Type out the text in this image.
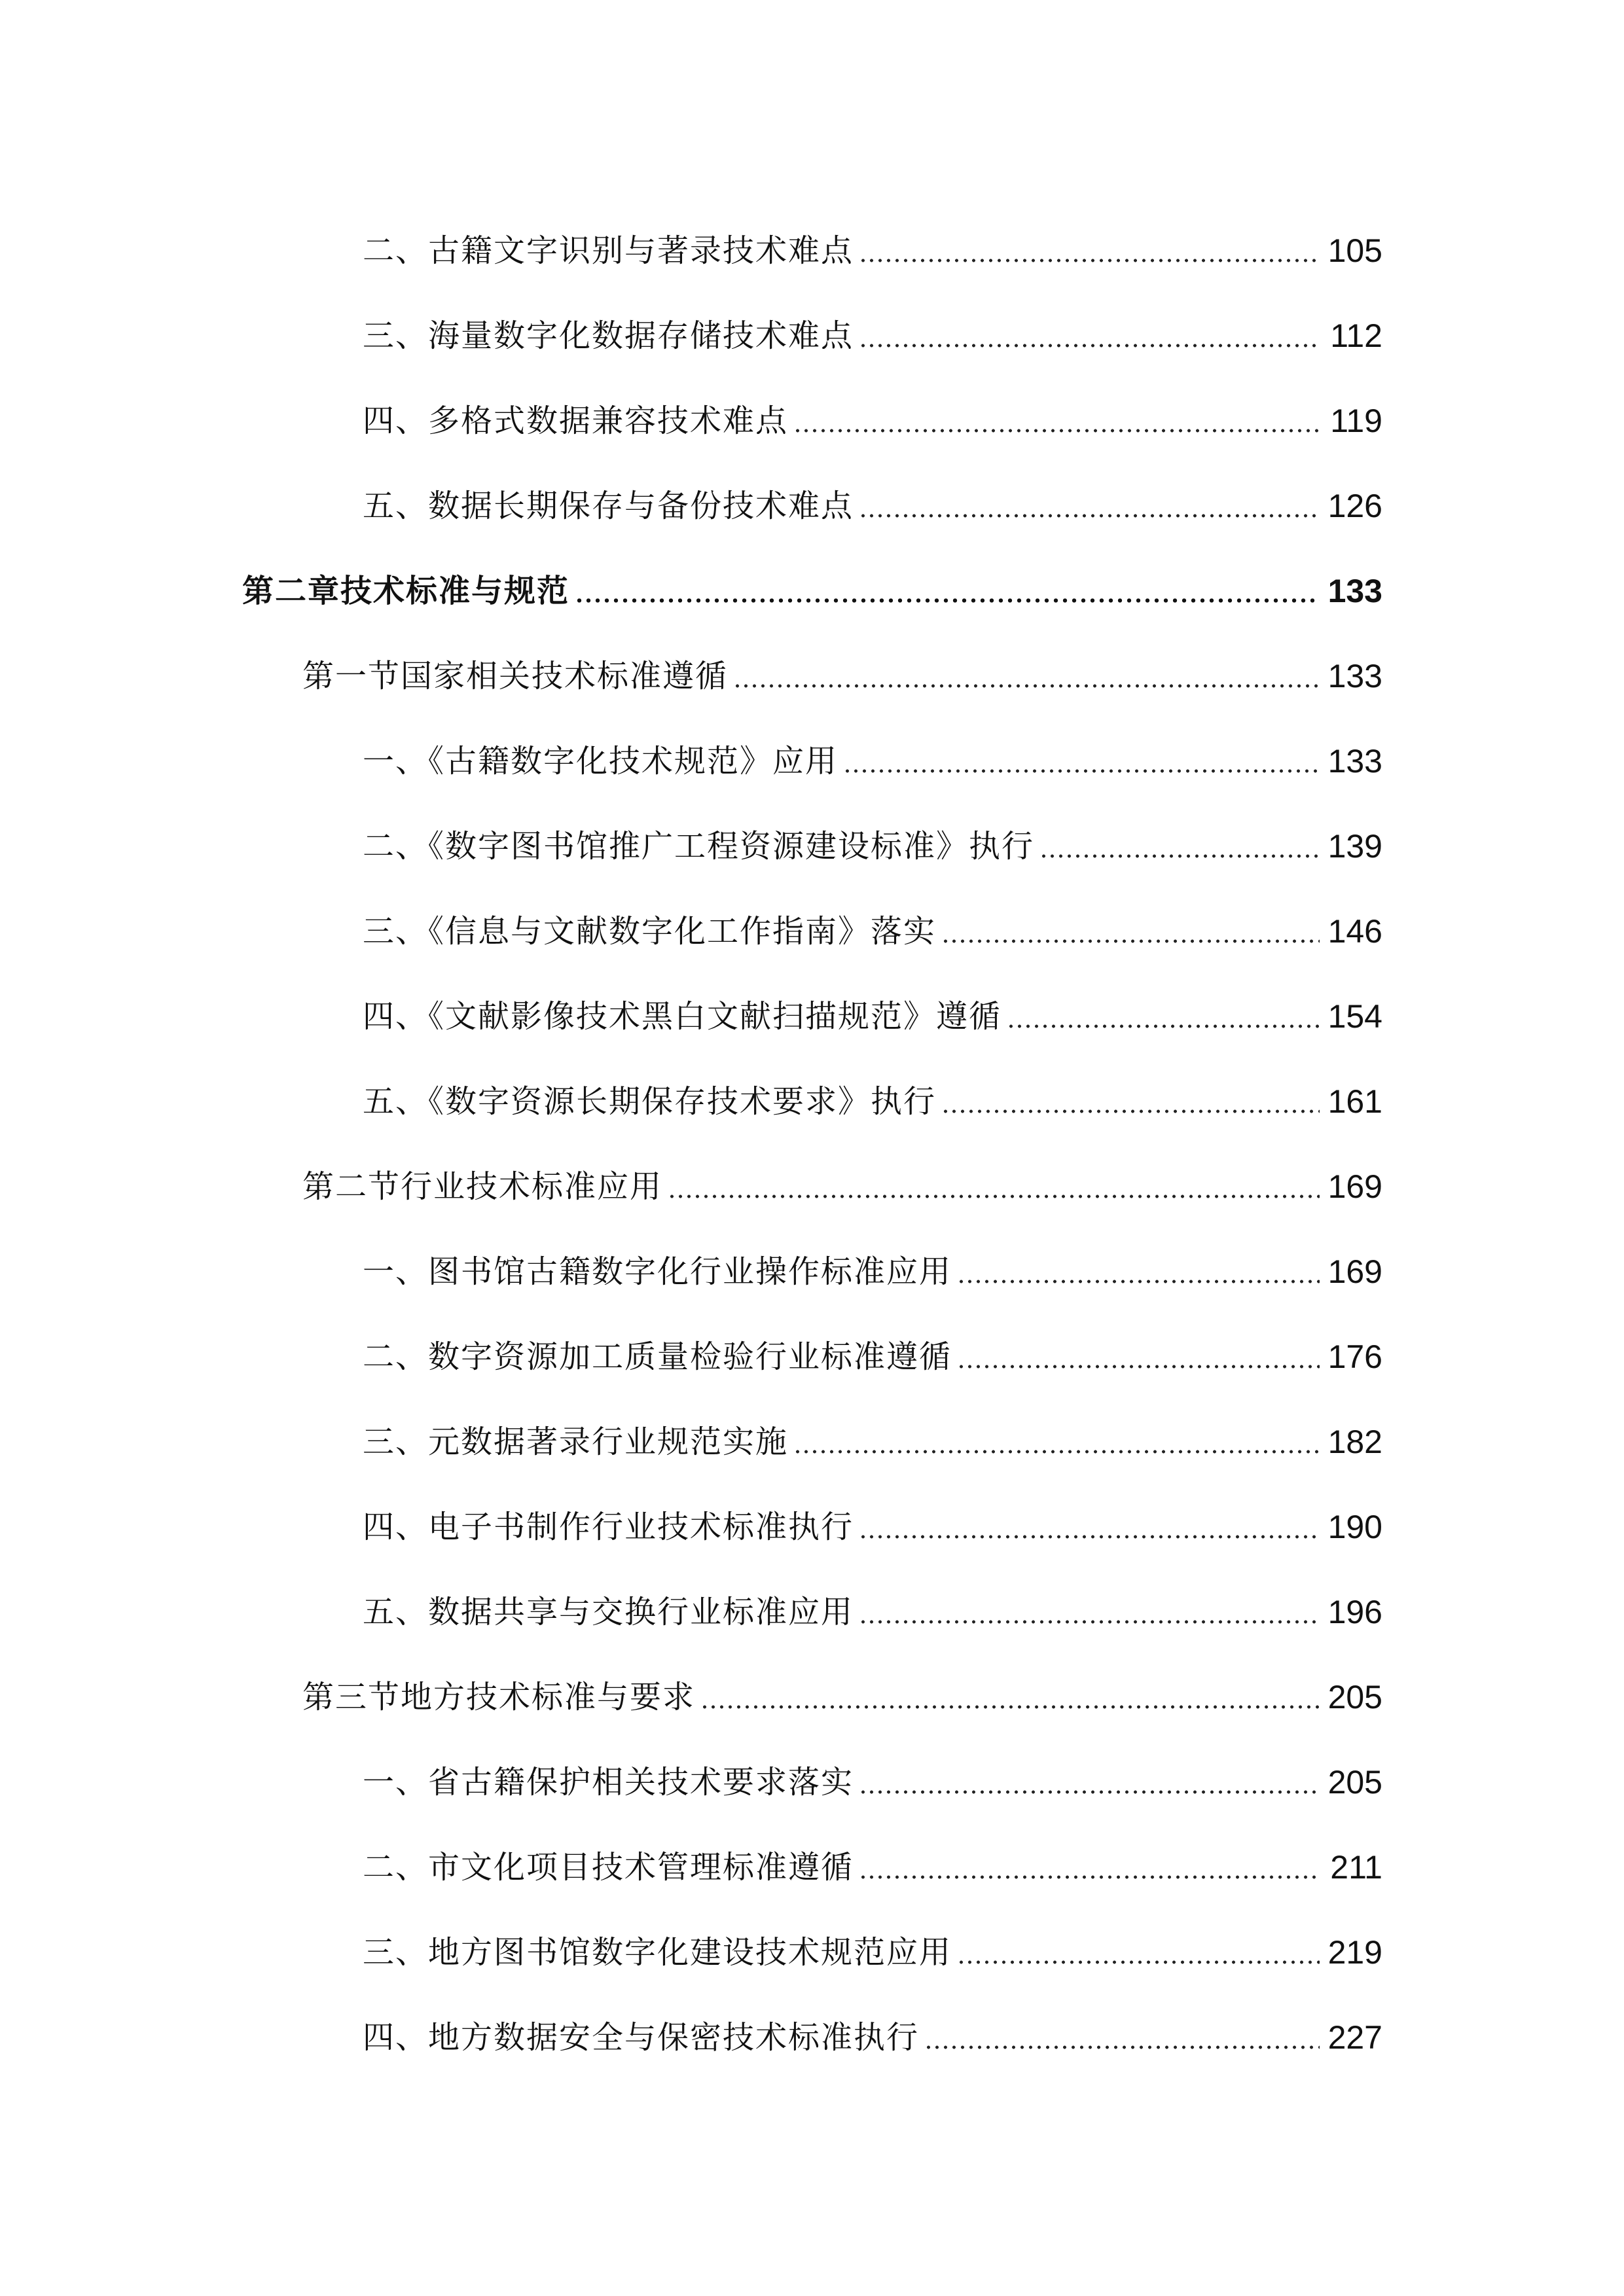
二、古籍文字识别与著录技术难点	105
三、海量数字化数据存储技术难点	112
四、多格式数据兼容技术难点	119
五、数据长期保存与备份技术难点	126
第二章技术标准与规范	133
第一节国家相关技术标准遵循	133
一、《古籍数字化技术规范》应用	133
二、《数字图书馆推广工程资源建设标准》执行	139
三、《信息与文献数字化工作指南》落实	146
四、《文献影像技术黑白文献扫描规范》遵循	154
五、《数字资源长期保存技术要求》执行	161
第二节行业技术标准应用	169
一、图书馆古籍数字化行业操作标准应用	169
二、数字资源加工质量检验行业标准遵循	176
三、元数据著录行业规范实施	182
四、电子书制作行业技术标准执行	190
五、数据共享与交换行业标准应用	196
第三节地方技术标准与要求	205
一、省古籍保护相关技术要求落实	205
二、市文化项目技术管理标准遵循	211
三、地方图书馆数字化建设技术规范应用	219
四、地方数据安全与保密技术标准执行	227
